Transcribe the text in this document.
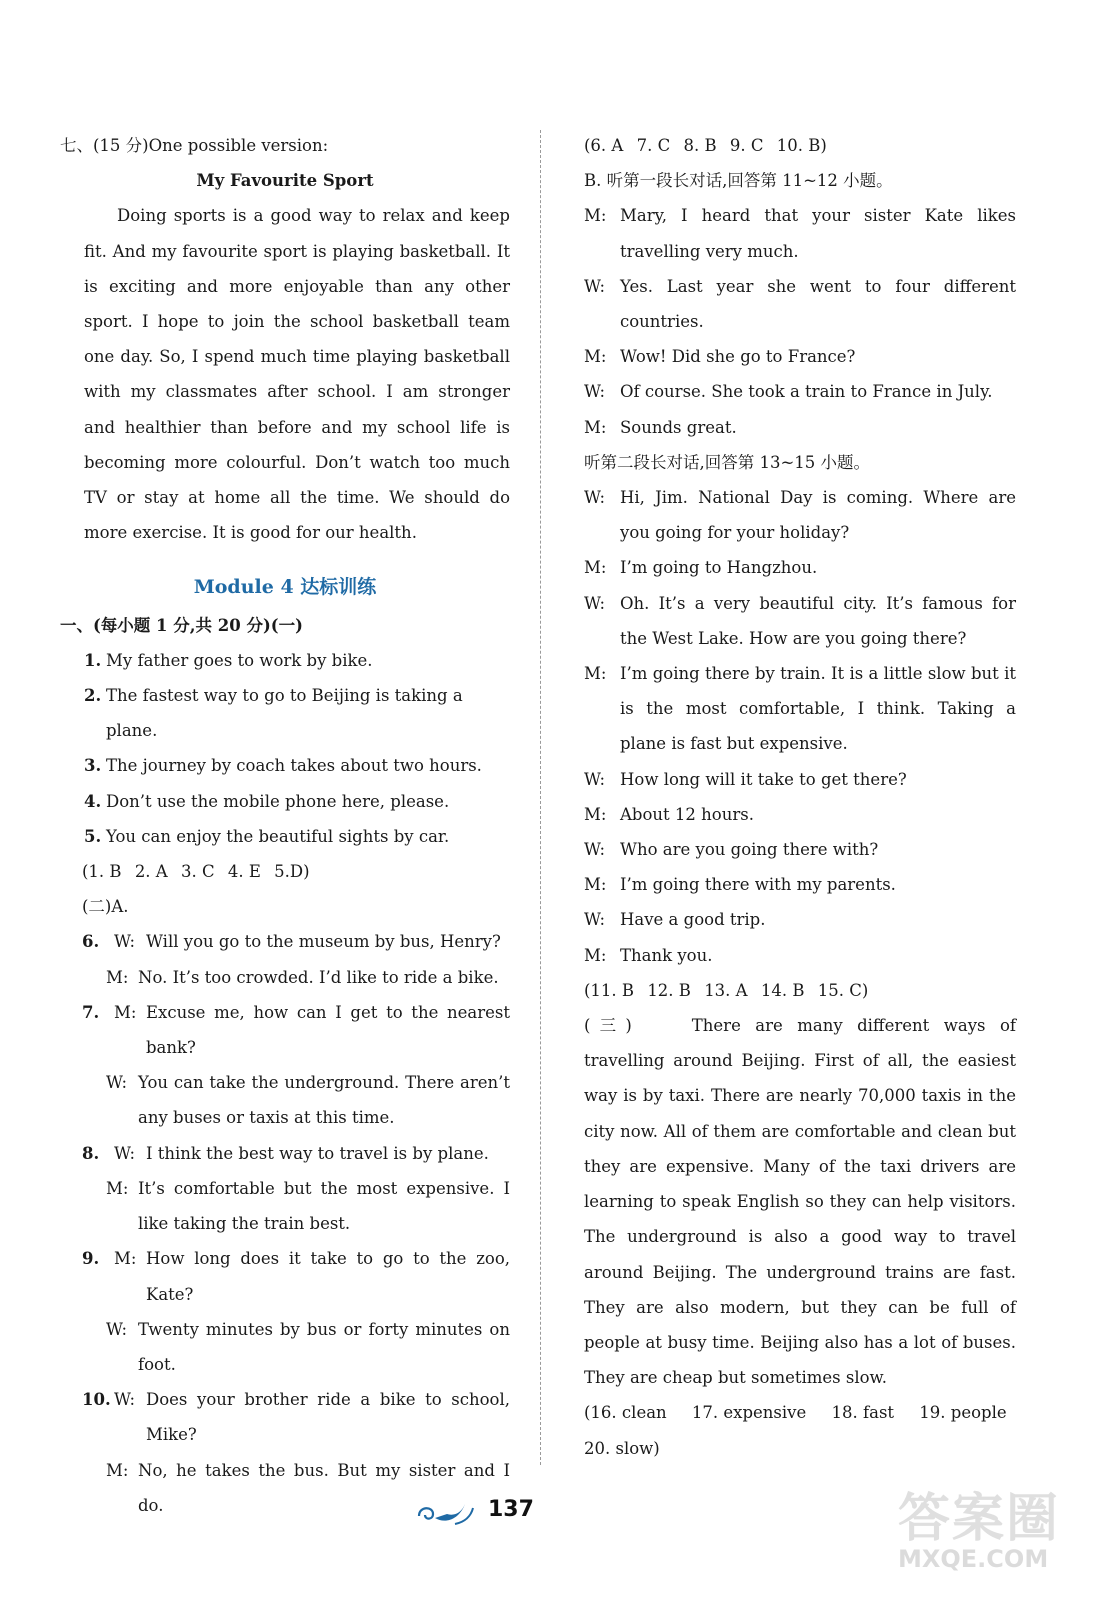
七、(15 分)One possible version:
My Favourite Sport
Doing sports is a good way to relax and keep fit. And my favourite sport is playing basketball. It is exciting and more enjoyable than any other sport. I hope to join the school basketball team one day. So, I spend much time playing basketball with my classmates after school. I am stronger and healthier than before and my school life is becoming more colourful. Don’t watch too much TV or stay at home all the time. We should do more exercise. It is good for our health.
Module 4 达标训练
一、(每小题 1 分,共 20 分)(一)
1. My father goes to work by bike.
2. The fastest way to go to Beijing is taking a plane.
3. The journey by coach takes about two hours.
4. Don’t use the mobile phone here, please.
5. You can enjoy the beautiful sights by car.
(1. B 2. A 3. C 4. E 5.D)
(二)A.
6. W: Will you go to the museum by bus, Henry?
M: No. It’s too crowded. I’d like to ride a bike.
7. M: Excuse me, how can I get to the nearest bank?
W: You can take the underground. There aren’t any buses or taxis at this time.
8. W: I think the best way to travel is by plane.
M: It’s comfortable but the most expensive. I like taking the train best.
9. M: How long does it take to go to the zoo, Kate?
W: Twenty minutes by bus or forty minutes on foot.
10. W: Does your brother ride a bike to school, Mike?
M: No, he takes the bus. But my sister and I do.
(6. A 7. C 8. B 9. C 10. B)
B. 听第一段长对话,回答第 11~12 小题。
M: Mary, I heard that your sister Kate likes travelling very much.
W: Yes. Last year she went to four different countries.
M: Wow! Did she go to France?
W: Of course. She took a train to France in July.
M: Sounds great.
听第二段长对话,回答第 13~15 小题。
W: Hi, Jim. National Day is coming. Where are you going for your holiday?
M: I’m going to Hangzhou.
W: Oh. It’s a very beautiful city. It’s famous for the West Lake. How are you going there?
M: I’m going there by train. It is a little slow but it is the most comfortable, I think. Taking a plane is fast but expensive.
W: How long will it take to get there?
M: About 12 hours.
W: Who are you going there with?
M: I’m going there with my parents.
W: Have a good trip.
M: Thank you.
(11. B 12. B 13. A 14. B 15. C)
(三)	There are many different ways of travelling around Beijing. First of all, the easiest way is by taxi. There are nearly 70,000 taxis in the city now. All of them are comfortable and clean but they are expensive. Many of the taxi drivers are learning to speak English so they can help visitors. The underground is also a good way to travel around Beijing. The underground trains are fast. They are also modern, but they can be full of people at busy time. Beijing also has a lot of buses. They are cheap but sometimes slow.
(16. clean 17. expensive 18. fast 19. people
20. slow)
137	答案圈
MXQE.COM
